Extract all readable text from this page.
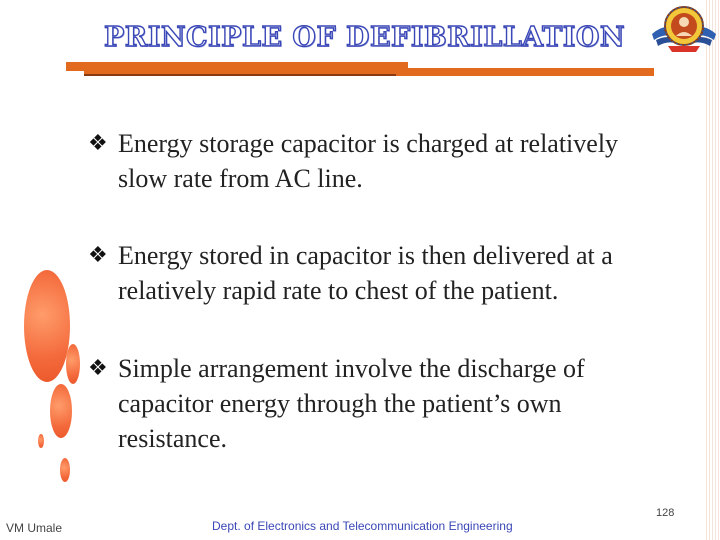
PRINCIPLE OF DEFIBRILLATION
❖ Energy storage capacitor is charged at relatively
slow rate from AC line.
❖ Energy stored in capacitor is then delivered at a
relatively rapid rate to chest of the patient.
❖ Simple arrangement involve the discharge of
capacitor energy through the patient’s own
resistance.
VM Umale	Dept. of Electronics and Telecommunication Engineering
128
